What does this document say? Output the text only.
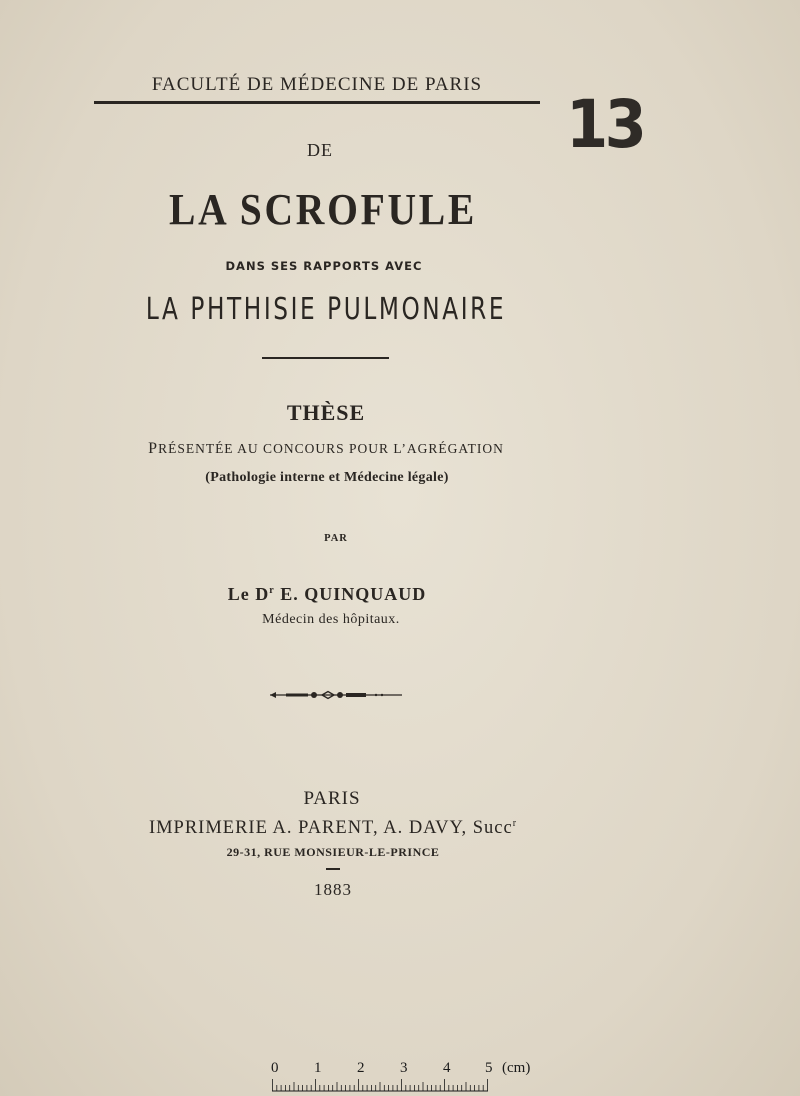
FACULTÉ DE MÉDECINE DE PARIS
13
DE
LA SCROFULE
DANS SES RAPPORTS AVEC
LA PHTHISIE PULMONAIRE
THÈSE
PRÉSENTÉE AU CONCOURS POUR L’AGRÉGATION
(Pathologie interne et Médecine légale)
PAR
Le $D^r$ E. QUINQUAUD
Médecin des hôpitaux.
PARIS
IMPRIMERIE A. PARENT, A. DAVY, Succ$^r$
29-31, RUE MONSIEUR-LE-PRINCE
1883
0 1 2 3 4 5 (cm)
